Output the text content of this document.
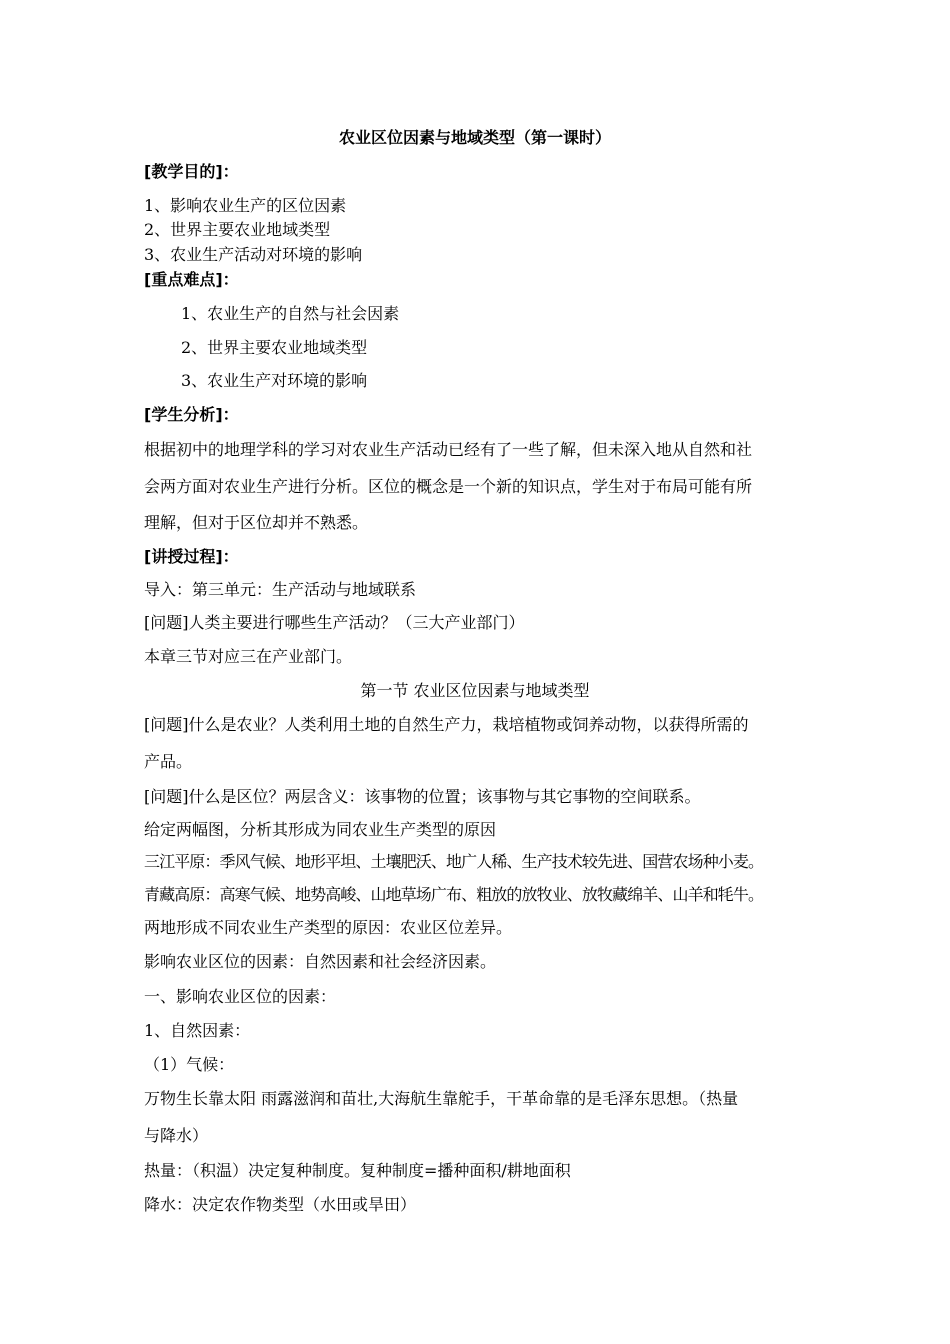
农业区位因素与地域类型（第一课时）
[教学目的]：
1、影响农业生产的区位因素
2、世界主要农业地域类型
3、农业生产活动对环境的影响
[重点难点]：
1、农业生产的自然与社会因素
2、世界主要农业地域类型
3、农业生产对环境的影响
[学生分析]：
根据初中的地理学科的学习对农业生产活动已经有了一些了解，但未深入地从自然和社
会两方面对农业生产进行分析。区位的概念是一个新的知识点，学生对于布局可能有所
理解，但对于区位却并不熟悉。
[讲授过程]：
导入：第三单元：生产活动与地域联系
[问题]人类主要进行哪些生产活动？（三大产业部门）
本章三节对应三在产业部门。
第一节 农业区位因素与地域类型
[问题]什么是农业？人类利用土地的自然生产力，栽培植物或饲养动物，以获得所需的
产品。
[问题]什么是区位？两层含义：该事物的位置；该事物与其它事物的空间联系。
给定两幅图，分析其形成为同农业生产类型的原因
三江平原：季风气候、地形平坦、土壤肥沃、地广人稀、生产技术较先进、国营农场种小麦。
青藏高原：高寒气候、地势高峻、山地草场广布、粗放的放牧业、放牧藏绵羊、山羊和牦牛。
两地形成不同农业生产类型的原因：农业区位差异。
影响农业区位的因素：自然因素和社会经济因素。
一、影响农业区位的因素：
1、自然因素：
（1）气候：
万物生长靠太阳 雨露滋润和苗壮,大海航生靠舵手，干革命靠的是毛泽东思想。（热量
与降水）
热量：（积温）决定复种制度。复种制度=播种面积/耕地面积
降水：决定农作物类型（水田或旱田）
